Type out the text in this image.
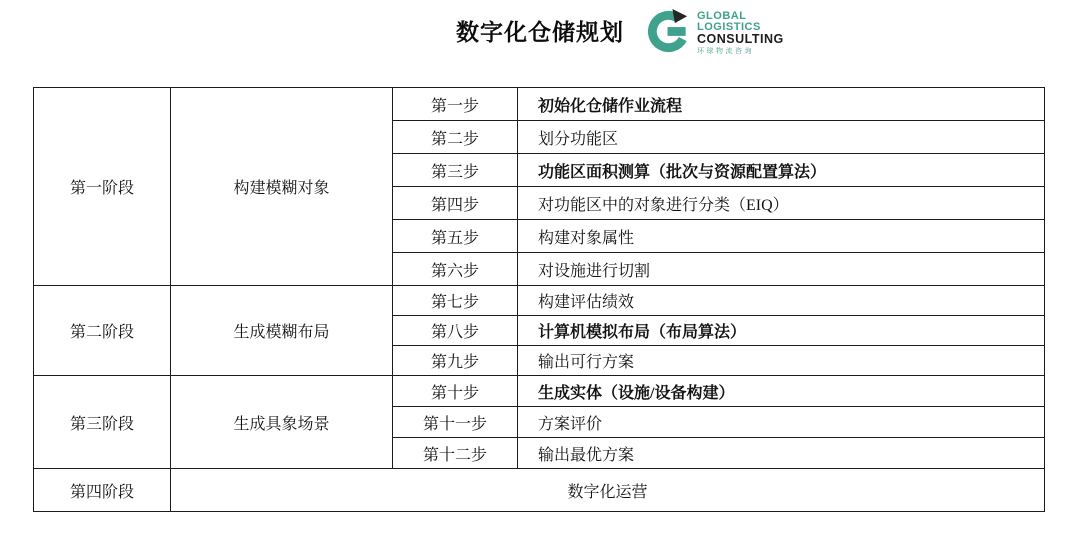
数字化仓储规划
GLOBAL
LOGISTICS
CONSULTING
环球物流咨询
第一阶段	构建模糊对象	第一步	初始化仓储作业流程
		第二步	划分功能区
		第三步	功能区面积测算（批次与资源配置算法）
		第四步	对功能区中的对象进行分类（EIQ）
		第五步	构建对象属性
		第六步	对设施进行切割
第二阶段	生成模糊布局	第七步	构建评估绩效
		第八步	计算机模拟布局（布局算法）
		第九步	输出可行方案
第三阶段	生成具象场景	第十步	生成实体（设施/设备构建）
		第十一步	方案评价
		第十二步	输出最优方案
第四阶段	数字化运营		
